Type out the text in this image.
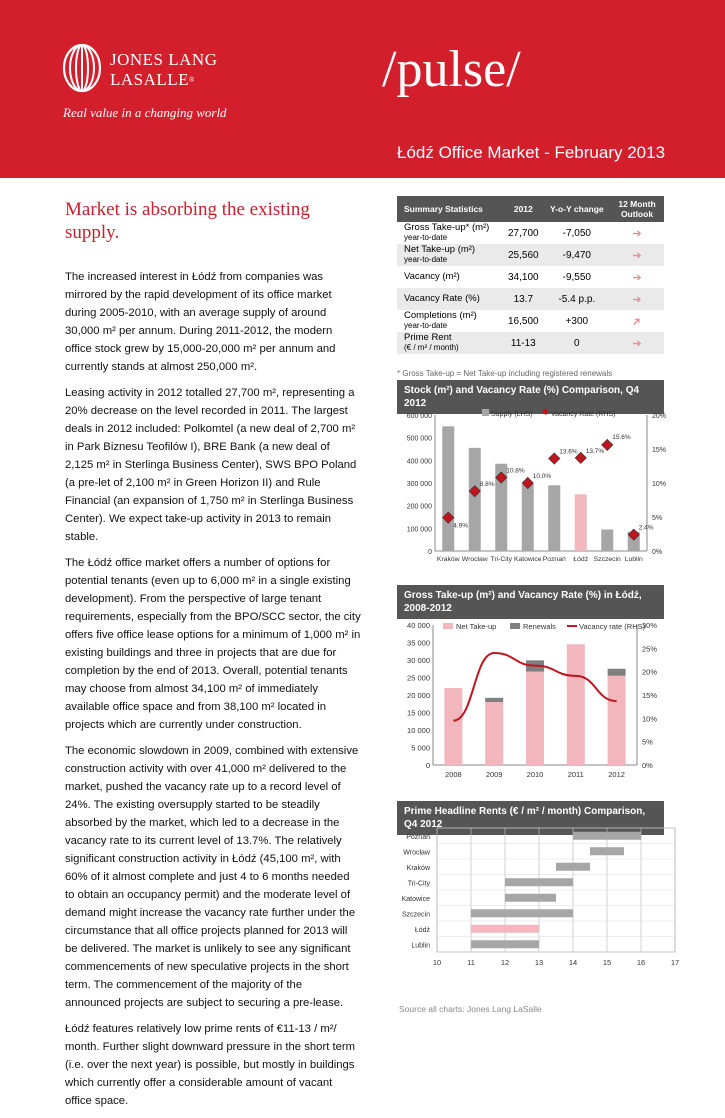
JONES LANG
LASALLE®
Real value in a changing world
/pulse/
Łódź Office Market - February 2013
Market is absorbing the existing supply.

The increased interest in Łódź from companies was mirrored by the rapid development of its office market during 2005-2010, with an average supply of around 30,000 m² per annum. During 2011-2012, the modern office stock grew by 15,000-20,000 m² per annum and currently stands at almost 250,000 m².

Leasing activity in 2012 totalled 27,700 m², representing a 20% decrease on the level recorded in 2011. The largest deals in 2012 included: Polkomtel (a new deal of 2,700 m² in Park Biznesu Teofilów I), BRE Bank (a new deal of 2,125 m² in Sterlinga Business Center), SWS BPO Poland (a pre-let of 2,100 m² in Green Horizon II) and Rule Financial (an expansion of 1,750 m² in Sterlinga Business Center). We expect take-up activity in 2013 to remain stable.

The Łódź office market offers a number of options for potential tenants (even up to 6,000 m² in a single existing development). From the perspective of large tenant requirements, especially from the BPO/SCC sector, the city offers five office lease options for a minimum of 1,000 m² in existing buildings and three in projects that are due for completion by the end of 2013. Overall, potential tenants may choose from almost 34,100 m² of immediately available office space and from 38,100 m² located in projects which are currently under construction.

The economic slowdown in 2009, combined with extensive construction activity with over 41,000 m² delivered to the market, pushed the vacancy rate up to a record level of 24%. The existing oversupply started to be steadily absorbed by the market, which led to a decrease in the vacancy rate to its current level of 13.7%. The relatively significant construction activity in Łódź (45,100 m², with 60% of it almost complete and just 4 to 6 months needed to obtain an occupancy permit) and the moderate level of demand might increase the vacancy rate further under the circumstance that all office projects planned for 2013 will be delivered. The market is unlikely to see any significant commencements of new speculative projects in the short term. The commencement of the majority of the announced projects are subject to securing a pre-lease.

Łódź features relatively low prime rents of €11-13 / m²/ month. Further slight downward pressure in the short term (i.e. over the next year) is possible, but mostly in buildings which currently offer a considerable amount of vacant office space.

Summary Statistics	2012	Y-o-Y change	12 Month Outlook
Gross Take-up* (m²)
year-to-date	27,700	-7,050	➔
Net Take-up (m²)
year-to-date	25,560	-9,470	➔
Vacancy (m²)	34,100	-9,550	➔
Vacancy Rate (%)	13.7	-5.4 p.p.	➔
Completions (m²)
year-to-date	16,500	+300	➔
Prime Rent
(€ / m² / month)	11-13	0	➔
* Gross Take-up = Net Take-up including registered renewals
Stock (m²) and Vacancy Rate (%) Comparison, Q4 2012
0
100 000
200 000
300 000
400 000
500 000
600 000
0%
5%
10%
15%
20%
Kraków
4.9%
Wrocław
8.8%
Tri-City
10.8%
Katowice
10.0%
Poznań
13.6%
Łódź
13.7%
Szczecin
15.6%
Lublin
2.4%
Supply (LHS)	Vacancy Rate (RHS)
Gross Take-up (m²) and Vacancy Rate (%) in Łódź, 2008-2012
0
5 000
10 000
15 000
20 000
25 000
30 000
35 000
40 000
0%
5%
10%
15%
20%
25%
30%
2008	2009	2010	2011	2012
Net Take-up	Renewals	Vacancy rate (RHS)
Prime Headline Rents (€ / m² / month) Comparison, Q4 2012
10	11	12	13	14	15	16	17
Poznań
Wrocław
Kraków
Tri-City
Katowice
Szczecin
Łódź
Lublin
Source all charts: Jones Lang LaSalle
